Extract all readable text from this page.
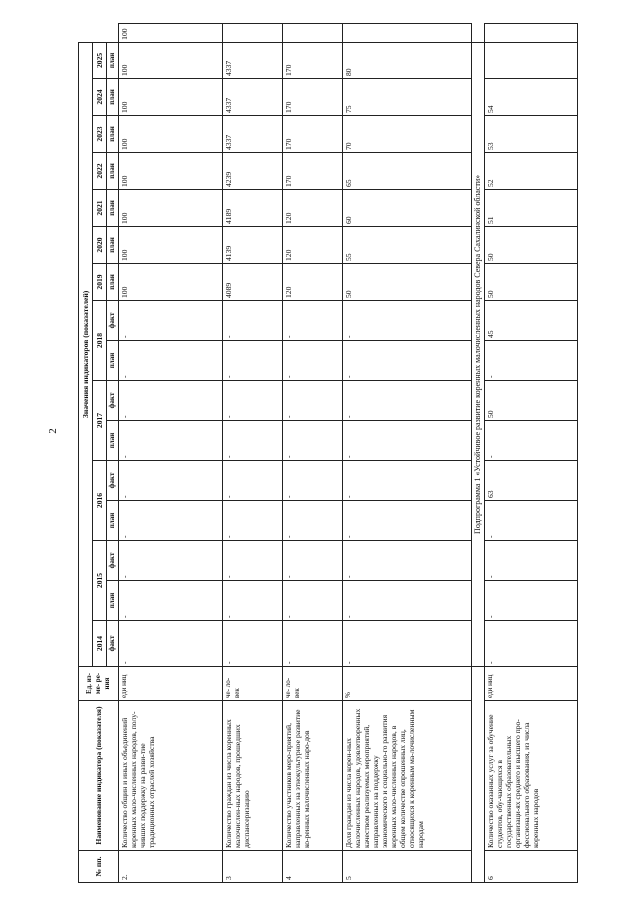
2
№ пп.	Наименование индикатора (показателя)	Ед. из- ме- ре- ния	Значения индикаторов (показателей)																
			2014	2015		2016		2017		2018		2019	2020	2021	2022	2023	2024	2025	
			факт	план	факт	план	факт	план	факт	план	факт	план	план	план	план	план	план	план	
2.	Количество общин и иных объединений коренных мало-численных народов, полу-чивших поддержку на разви-тие традиционных отраслей хозяйства	еди ниц	-	-	-	-	-	-	-	-	-	100	100	100	100	100	100	100	100
3	Количество граждан из числа коренных малочислен-ных народов, прошедших диспансеризацию	че- ло- век	-	-	-	-	-	-	-	-	-	4089	4139	4189	4239	4337	4337	4337	
4	Количество участников меро-приятий, направленных на этнокультурное развитие ко-ренных малочисленных наро-дов	че- ло- век	-	-	-	-	-	-	-	-	-	120	120	120	170	170	170	170	
5	Доля граждан из числа корен-ных малочисленных народов, удовлетворенных качеством реализуемых мероприятий, направленных на поддержку экономического и социально-го развития коренных мало-численных народов, в общем количестве опрошенных лиц, относящихся к коренным ма-лочисленным народам	%	-	-	-	-	-	-	-	-	-	50	55	60	65	70	75	80	
			Подпрограмма 1 «Устойчивое развитие коренных малочисленных народов Севера Сахалинской области»																
6	Количество оказанных услуг за обучение студентов, обу-чающихся в государственных образовательных организаци-ях среднего и высшего про-фессионального образования, из числа коренных народов	еди ниц	-	-	-	-	63	-	50	-	45	50	50	51	52	53	54		
